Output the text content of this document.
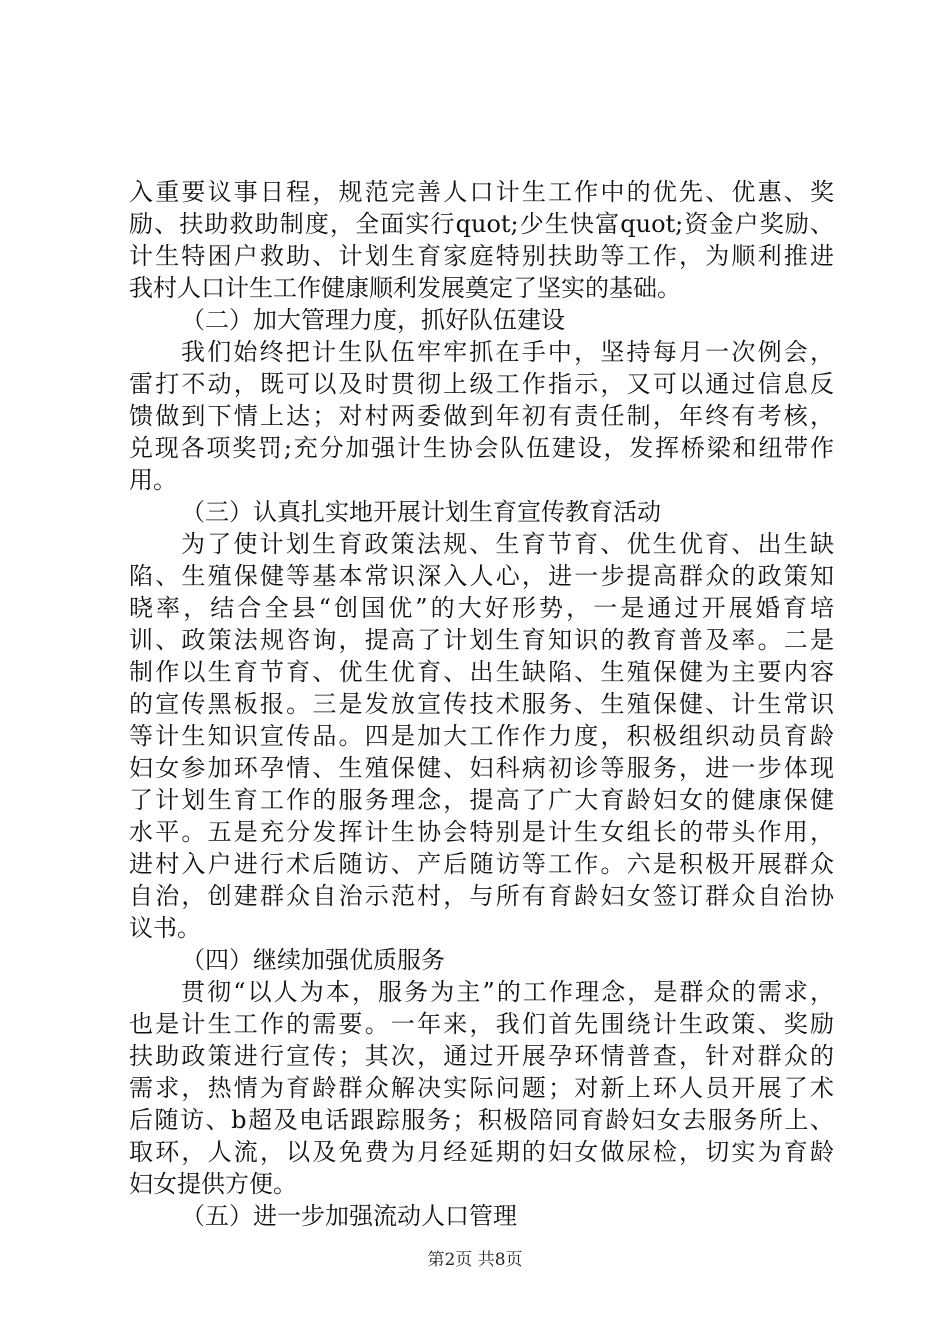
入重要议事日程，规范完善人口计生工作中的优先、优惠、奖
励、扶助救助制度，全面实行quot;少生快富quot;资金户奖励、
计生特困户救助、计划生育家庭特别扶助等工作，为顺利推进
我村人口计生工作健康顺利发展奠定了坚实的基础。
（二）加大管理力度，抓好队伍建设
我们始终把计生队伍牢牢抓在手中，坚持每月一次例会，
雷打不动，既可以及时贯彻上级工作指示，又可以通过信息反
馈做到下情上达；对村两委做到年初有责任制，年终有考核，
兑现各项奖罚;充分加强计生协会队伍建设，发挥桥梁和纽带作
用。
（三）认真扎实地开展计划生育宣传教育活动
为了使计划生育政策法规、生育节育、优生优育、出生缺
陷、生殖保健等基本常识深入人心，进一步提高群众的政策知
晓率，结合全县“创国优”的大好形势，一是通过开展婚育培
训、政策法规咨询，提高了计划生育知识的教育普及率。二是
制作以生育节育、优生优育、出生缺陷、生殖保健为主要内容
的宣传黑板报。三是发放宣传技术服务、生殖保健、计生常识
等计生知识宣传品。四是加大工作作力度，积极组织动员育龄
妇女参加环孕情、生殖保健、妇科病初诊等服务，进一步体现
了计划生育工作的服务理念，提高了广大育龄妇女的健康保健
水平。五是充分发挥计生协会特别是计生女组长的带头作用，
进村入户进行术后随访、产后随访等工作。六是积极开展群众
自治，创建群众自治示范村，与所有育龄妇女签订群众自治协
议书。
（四）继续加强优质服务
贯彻“以人为本，服务为主”的工作理念，是群众的需求，
也是计生工作的需要。一年来，我们首先围绕计生政策、奖励
扶助政策进行宣传；其次，通过开展孕环情普查，针对群众的
需求，热情为育龄群众解决实际问题；对新上环人员开展了术
后随访、b超及电话跟踪服务；积极陪同育龄妇女去服务所上、
取环，人流，以及免费为月经延期的妇女做尿检，切实为育龄
妇女提供方便。
（五）进一步加强流动人口管理
第2页 共8页
